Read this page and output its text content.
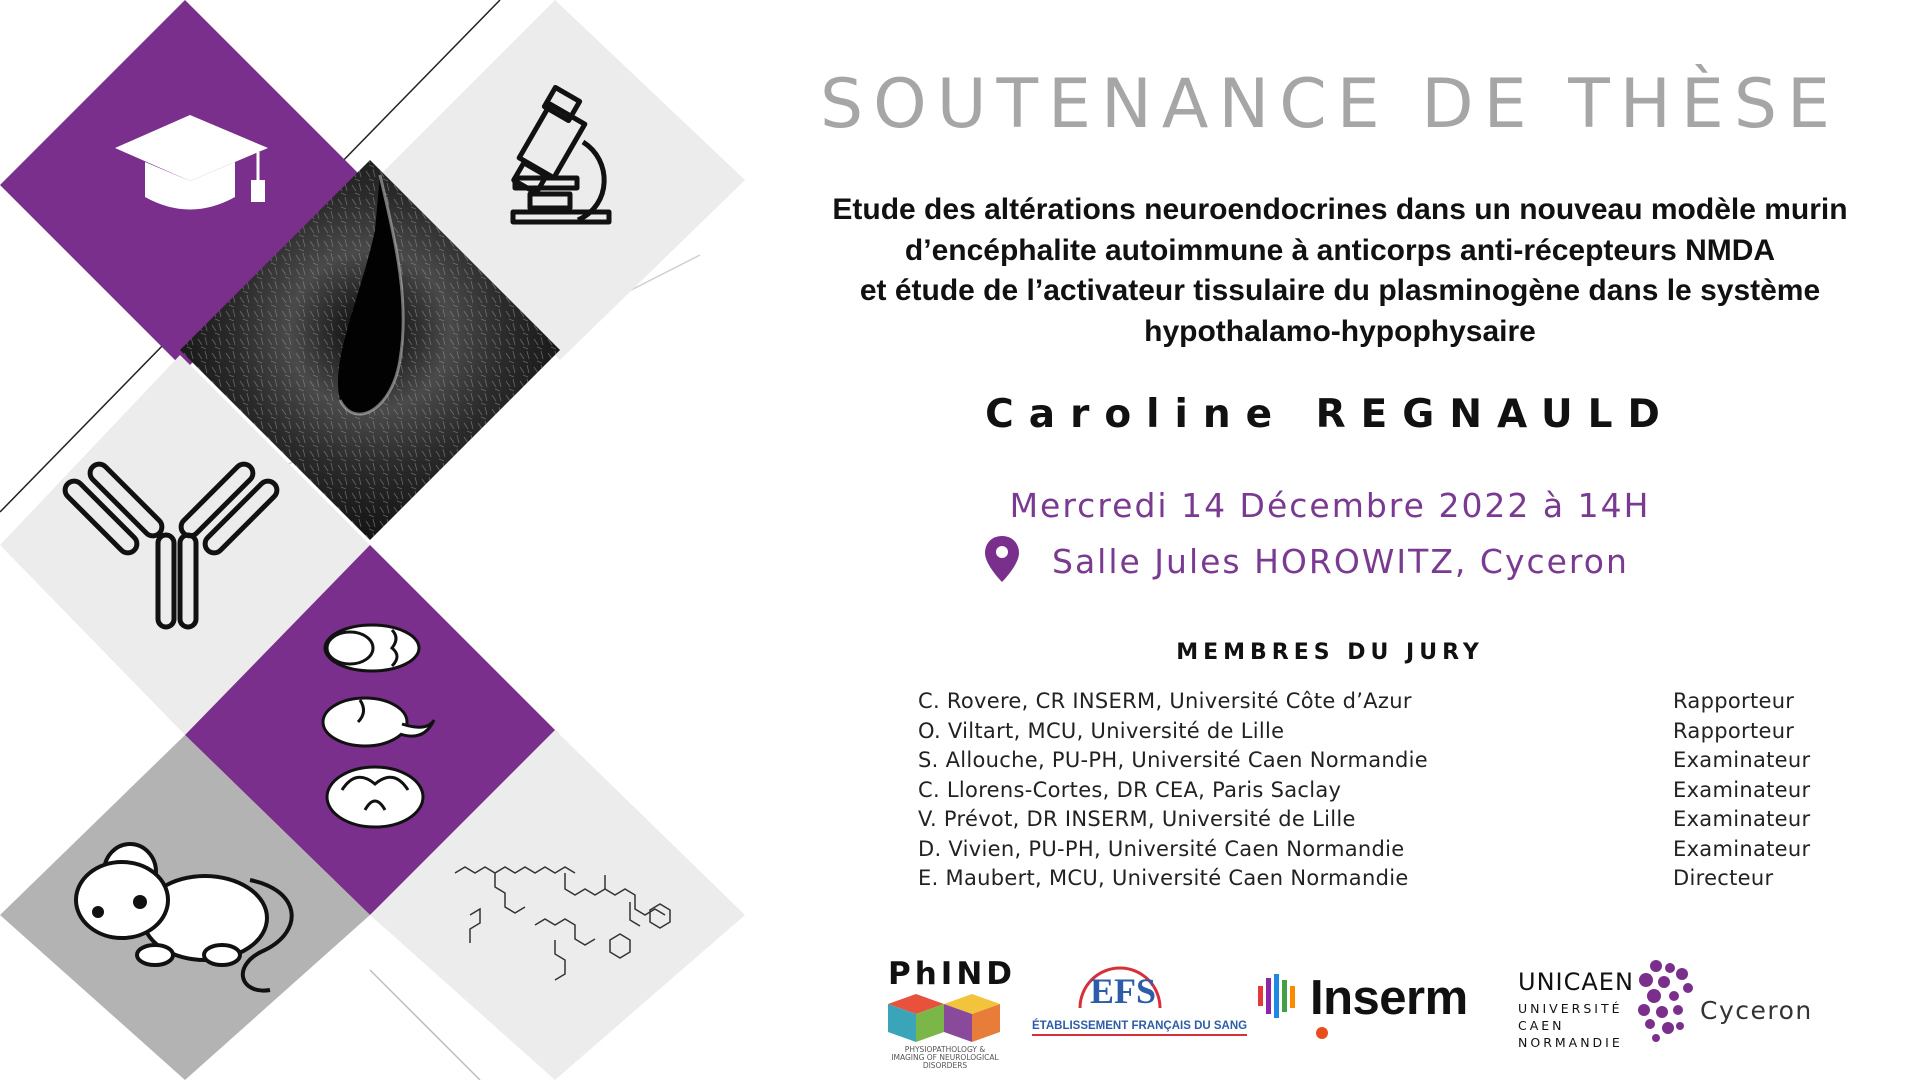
SOUTENANCE DE THÈSE
Etude des altérations neuroendocrines dans un nouveau modèle murin
d’encéphalite autoimmune à anticorps anti-récepteurs NMDA
et étude de l’activateur tissulaire du plasminogène dans le système
hypothalamo-hypophysaire
Caroline REGNAULD
Mercredi 14 Décembre 2022 à 14H
Salle Jules HOROWITZ, Cyceron
MEMBRES DU JURY
C. Rovere, CR INSERM, Université Côte d’Azur	Rapporteur
O. Viltart, MCU, Université de Lille	Rapporteur
S. Allouche, PU-PH, Université Caen Normandie	Examinateur
C. Llorens-Cortes, DR CEA, Paris Saclay	Examinateur
V. Prévot, DR INSERM, Université de Lille	Examinateur
D. Vivien, PU-PH, Université Caen Normandie	Examinateur
E. Maubert, MCU, Université Caen Normandie	Directeur
PhIND
PHYSIOPATHOLOGY & IMAGING OF NEUROLOGICAL DISORDERS
EFS
ÉTABLISSEMENT FRANÇAIS DU SANG
Inserm UNICAEN
UNIVERSITÉ
CAEN
NORMANDIE
Cyceron
